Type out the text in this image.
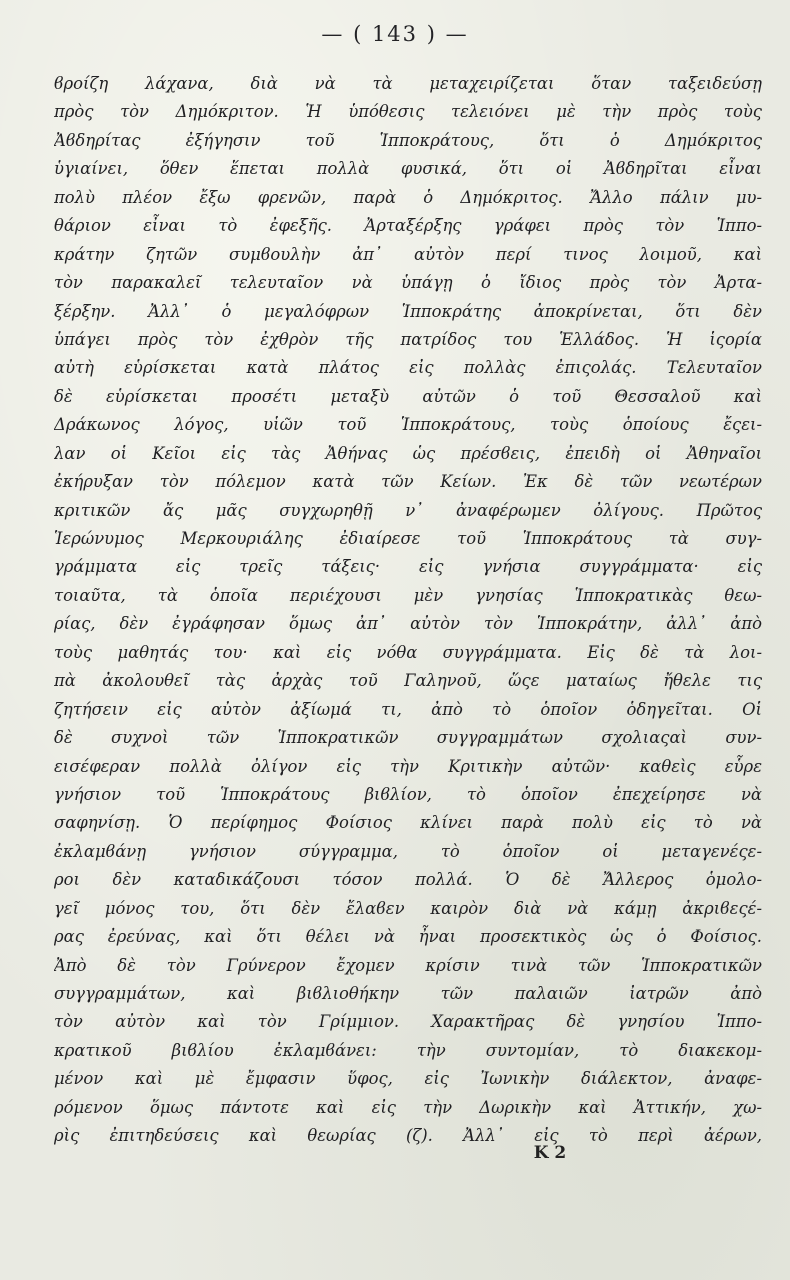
— ( 143 ) —
ϐροίζη λάχανα, διὰ νὰ τὰ μεταχειρίζεται ὅταν ταξειδεύσῃ
πρὸς τὸν Δημόκριτον. Ἡ ὑπόθεσις τελειόνει μὲ τὴν πρὸς τοὺς
Ἀϐδηρίτας ἐξήγησιν τοῦ Ἱπποκράτους, ὅτι ὁ Δημόκριτος
ὑγιαίνει, ὅθεν ἕπεται πολλὰ φυσικά, ὅτι οἱ Ἀϐδηρῖται εἶναι
πολὺ πλέον ἔξω φρενῶν, παρὰ ὁ Δημόκριτος. Ἄλλο πάλιν μυ-
θάριον εἶναι τὸ ἐφεξῆς. Ἀρταξέρξης γράφει πρὸς τὸν Ἱππο-
κράτην ζητῶν συμϐουλὴν ἀπ᾽ αὐτὸν περί τινος λοιμοῦ, καὶ
τὸν παρακαλεῖ τελευταῖον νὰ ὑπάγῃ ὁ ἴδιος πρὸς τὸν Ἀρτα-
ξέρξην. Ἀλλ᾽ ὁ μεγαλόφρων Ἱπποκράτης ἀποκρίνεται, ὅτι δὲν
ὑπάγει πρὸς τὸν ἐχθρὸν τῆς πατρίδος του Ἑλλάδος. Ἡ ἱςορία
αὐτὴ εὑρίσκεται κατὰ πλάτος εἰς πολλὰς ἐπιςολάς. Τελευταῖον
δὲ εὑρίσκεται προσέτι μεταξὺ αὐτῶν ὁ τοῦ Θεσσαλοῦ καὶ
Δράκωνος λόγος, υἱῶν τοῦ Ἱπποκράτους, τοὺς ὁποίους ἔςει-
λαν οἱ Κεῖοι εἰς τὰς Ἀθήνας ὡς πρέσϐεις, ἐπειδὴ οἱ Ἀθηναῖοι
ἐκήρυξαν τὸν πόλεμον κατὰ τῶν Κείων. Ἐκ δὲ τῶν νεωτέρων
κριτικῶν ἄς μᾶς συγχωρηθῇ ν᾽ ἀναφέρωμεν ὀλίγους. Πρῶτος
Ἱερώνυμος Μερκουριάλης ἐδιαίρεσε τοῦ Ἱπποκράτους τὰ συγ-
γράμματα εἰς τρεῖς τάξεις· εἰς γνήσια συγγράμματα· εἰς
τοιαῦτα, τὰ ὁποῖα περιέχουσι μὲν γνησίας Ἱπποκρατικὰς θεω-
ρίας, δὲν ἐγράφησαν ὅμως ἀπ᾽ αὐτὸν τὸν Ἱπποκράτην, ἀλλ᾽ ἀπὸ
τοὺς μαθητάς του· καὶ εἰς νόθα συγγράμματα. Εἰς δὲ τὰ λοι-
πὰ ἀκολουθεῖ τὰς ἀρχὰς τοῦ Γαληνοῦ, ὥςε ματαίως ἤθελε τις
ζητήσειν εἰς αὐτὸν ἀξίωμά τι, ἀπὸ τὸ ὁποῖον ὁδηγεῖται. Οἱ
δὲ συχνοὶ τῶν Ἱπποκρατικῶν συγγραμμάτων σχολιαςαὶ συν-
εισέφεραν πολλὰ ὀλίγον εἰς τὴν Κριτικὴν αὐτῶν· καθεὶς εὗρε
γνήσιον τοῦ Ἱπποκράτους βιϐλίον, τὸ ὁποῖον ἐπεχείρησε νὰ
σαφηνίσῃ. Ὁ περίφημος Φοίσιος κλίνει παρὰ πολὺ εἰς τὸ νὰ
ἐκλαμϐάνῃ γνήσιον σύγγραμμα, τὸ ὁποῖον οἱ μεταγενέςε-
ροι δὲν καταδικάζουσι τόσον πολλά. Ὁ δὲ Ἄλλερος ὁμολο-
γεῖ μόνος του, ὅτι δὲν ἔλαϐεν καιρὸν διὰ νὰ κάμῃ ἀκριϐεςέ-
ρας ἐρεύνας, καὶ ὅτι θέλει νὰ ἦναι προσεκτικὸς ὡς ὁ Φοίσιος.
Ἀπὸ δὲ τὸν Γρύνερον ἔχομεν κρίσιν τινὰ τῶν Ἱπποκρατικῶν
συγγραμμάτων, καὶ βιϐλιοθήκην τῶν παλαιῶν ἰατρῶν ἀπὸ
τὸν αὐτὸν καὶ τὸν Γρίμμιον. Χαρακτῆρας δὲ γνησίου Ἱππο-
κρατικοῦ βιϐλίου ἐκλαμϐάνει: τὴν συντομίαν, τὸ διακεκομ-
μένον καὶ μὲ ἔμφασιν ὕφος, εἰς Ἰωνικὴν διάλεκτον, ἀναφε-
ρόμενον ὅμως πάντοτε καὶ εἰς τὴν Δωρικὴν καὶ Ἀττικήν, χω-
ρὶς ἐπιτηδεύσεις καὶ θεωρίας (ζ). Ἀλλ᾽ εἰς τὸ περὶ ἀέρων,
Κ 2
